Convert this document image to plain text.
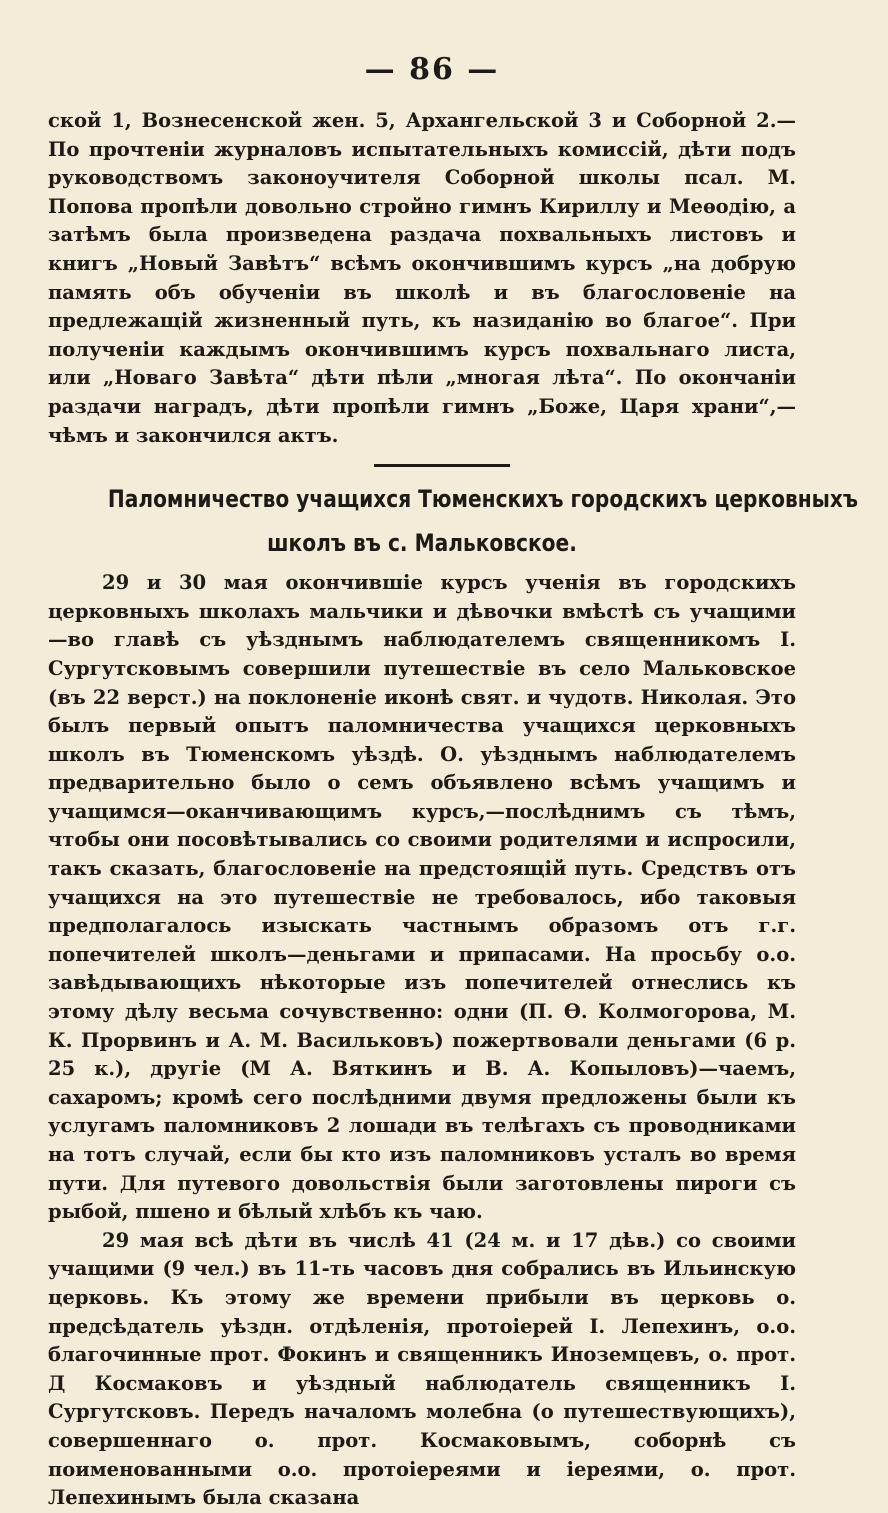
— 86 —

ской 1, Вознесенской жен. 5, Архангельской 3 и Соборной 2.—По прочтеніи журналовъ испытательныхъ комиссій, дѣти подъ руководствомъ законоучителя Соборной школы псал. М. Попова пропѣли довольно стройно гимнъ Кириллу и Меѳодію, а затѣмъ была произведена раздача похвальныхъ листовъ и книгъ „Новый Завѣтъ“ всѣмъ окончившимъ курсъ „на добрую память объ обученіи въ школѣ и въ благословеніе на предлежащій жизненный путь, къ назиданію во благое“. При полученіи каждымъ окончившимъ курсъ похвальнаго листа, или „Новаго Завѣта“ дѣти пѣли „многая лѣта“. По окончаніи раздачи наградъ, дѣти пропѣли гимнъ „Боже, Царя храни“,—чѣмъ и закончился актъ.

Паломничество учащихся Тюменскихъ городскихъ церковныхъ
школъ въ с. Мальковское.

29 и 30 мая окончившіе курсъ ученія въ городскихъ церковныхъ школахъ мальчики и дѣвочки вмѣстѣ съ учащими—во главѣ съ уѣзднымъ наблюдателемъ священникомъ І. Сургутсковымъ совершили путешествіе въ село Мальковское (въ 22 верст.) на поклоненіе иконѣ свят. и чудотв. Николая. Это былъ первый опытъ паломничества учащихся церковныхъ школъ въ Тюменскомъ уѣздѣ. О. уѣзднымъ наблюдателемъ предварительно было о семъ объявлено всѣмъ учащимъ и учащимся—оканчивающимъ курсъ,—послѣднимъ съ тѣмъ, чтобы они посовѣтывались со своими родителями и испросили, такъ сказать, благословеніе на предстоящій путь. Средствъ отъ учащихся на это путешествіе не требовалось, ибо таковыя предполагалось изыскать частнымъ образомъ отъ г.г. попечителей школъ—деньгами и припасами. На просьбу о.о. завѣдывающихъ нѣкоторые изъ попечителей отнеслись къ этому дѣлу весьма сочувственно: одни (П. Ѳ. Колмогорова, М. К. Прорвинъ и А. М. Васильковъ) пожертвовали деньгами (6 р. 25 к.), другіе (М А. Вяткинъ и В. А. Копыловъ)—чаемъ, сахаромъ; кромѣ сего послѣдними двумя предложены были къ услугамъ паломниковъ 2 лошади въ телѣгахъ съ проводниками на тотъ случай, если бы кто изъ паломниковъ усталъ во время пути. Для путевого довольствія были заготовлены пироги съ рыбой, пшено и бѣлый хлѣбъ къ чаю.

29 мая всѣ дѣти въ числѣ 41 (24 м. и 17 дѣв.) со своими учащими (9 чел.) въ 11-ть часовъ дня собрались въ Ильинскую церковь. Къ этому же времени прибыли въ церковь о. предсѣдатель уѣздн. отдѣленія, протоіерей І. Лепехинъ, о.о. благочинные прот. Фокинъ и священникъ Иноземцевъ, о. прот. Д Космаковъ и уѣздный наблюдатель священникъ І. Сургутсковъ. Передъ началомъ молебна (о путешествующихъ), совершеннаго о. прот. Космаковымъ, соборнѣ съ поименованными о.о. протоіереями и іереями, о. прот. Лепехинымъ была сказана
